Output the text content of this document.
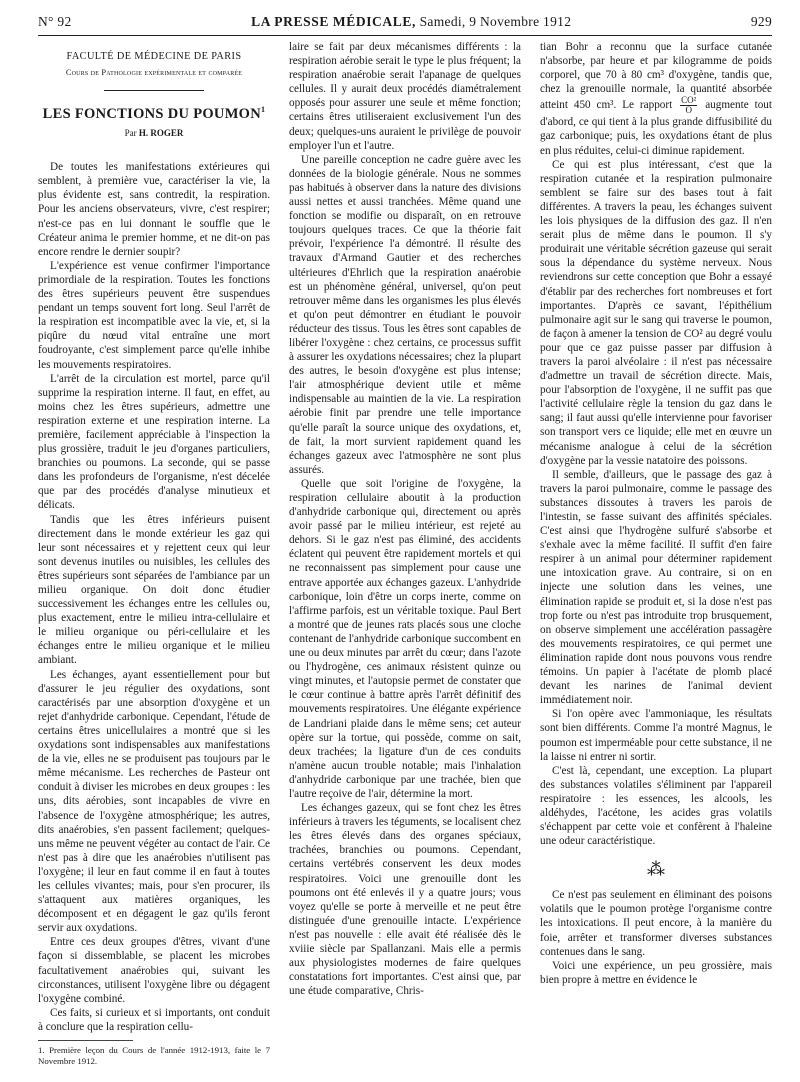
N° 92	LA PRESSE MÉDICALE, Samedi, 9 Novembre 1912	929
FACULTÉ DE MÉDECINE DE PARIS
Cours de Pathologie expérimentale et comparée
LES FONCTIONS DU POUMON$^1$
Par H. ROGER

De toutes les manifestations extérieures qui semblent, à première vue, caractériser la vie, la plus évidente est, sans contredit, la respiration. Pour les anciens observateurs, vivre, c'est respirer; n'est-ce pas en lui donnant le souffle que le Créateur anima le premier homme, et ne dit-on pas encore rendre le dernier soupir?

L'expérience est venue confirmer l'importance primordiale de la respiration. Toutes les fonctions des êtres supérieurs peuvent être suspendues pendant un temps souvent fort long. Seul l'arrêt de la respiration est incompatible avec la vie, et, si la piqûre du nœud vital entraîne une mort foudroyante, c'est simplement parce qu'elle inhibe les mouvements respiratoires.

L'arrêt de la circulation est mortel, parce qu'il supprime la respiration interne. Il faut, en effet, au moins chez les êtres supérieurs, admettre une respiration externe et une respiration interne. La première, facilement appréciable à l'inspection la plus grossière, traduit le jeu d'organes particuliers, branchies ou poumons. La seconde, qui se passe dans les profondeurs de l'organisme, n'est décelée que par des procédés d'analyse minutieux et délicats.

Tandis que les êtres inférieurs puisent directement dans le monde extérieur les gaz qui leur sont nécessaires et y rejettent ceux qui leur sont devenus inutiles ou nuisibles, les cellules des êtres supérieurs sont séparées de l'ambiance par un milieu organique. On doit donc étudier successivement les échanges entre les cellules ou, plus exactement, entre le milieu intra-cellulaire et le milieu organique ou péri-cellulaire et les échanges entre le milieu organique et le milieu ambiant.

Les échanges, ayant essentiellement pour but d'assurer le jeu régulier des oxydations, sont caractérisés par une absorption d'oxygène et un rejet d'anhydride carbonique. Cependant, l'étude de certains êtres unicellulaires a montré que si les oxydations sont indispensables aux manifestations de la vie, elles ne se produisent pas toujours par le même mécanisme. Les recherches de Pasteur ont conduit à diviser les microbes en deux groupes : les uns, dits aérobies, sont incapables de vivre en l'absence de l'oxygène atmosphérique; les autres, dits anaérobies, s'en passent facilement; quelques-uns même ne peuvent végéter au contact de l'air. Ce n'est pas à dire que les anaérobies n'utilisent pas l'oxygène; il leur en faut comme il en faut à toutes les cellules vivantes; mais, pour s'en procurer, ils s'attaquent aux matières organiques, les décomposent et en dégagent le gaz qu'ils feront servir aux oxydations.

Entre ces deux groupes d'êtres, vivant d'une façon si dissemblable, se placent les microbes facultativement anaérobies qui, suivant les circonstances, utilisent l'oxygène libre ou dégagent l'oxygène combiné.

Ces faits, si curieux et si importants, ont conduit à conclure que la respiration cellu-

1. Première leçon du Cours de l'année 1912-1913, faite le 7 Novembre 1912.

laire se fait par deux mécanismes différents : la respiration aérobie serait le type le plus fréquent; la respiration anaérobie serait l'apanage de quelques cellules. Il y aurait deux procédés diamétralement opposés pour assurer une seule et même fonction; certains êtres utiliseraient exclusivement l'un des deux; quelques-uns auraient le privilège de pouvoir employer l'un et l'autre.

Une pareille conception ne cadre guère avec les données de la biologie générale. Nous ne sommes pas habitués à observer dans la nature des divisions aussi nettes et aussi tranchées. Même quand une fonction se modifie ou disparaît, on en retrouve toujours quelques traces. Ce que la théorie fait prévoir, l'expérience l'a démontré. Il résulte des travaux d'Armand Gautier et des recherches ultérieures d'Ehrlich que la respiration anaérobie est un phénomène général, universel, qu'on peut retrouver même dans les organismes les plus élevés et qu'on peut démontrer en étudiant le pouvoir réducteur des tissus. Tous les êtres sont capables de libérer l'oxygène : chez certains, ce processus suffit à assurer les oxydations nécessaires; chez la plupart des autres, le besoin d'oxygène est plus intense; l'air atmosphérique devient utile et même indispensable au maintien de la vie. La respiration aérobie finit par prendre une telle importance qu'elle paraît la source unique des oxydations, et, de fait, la mort survient rapidement quand les échanges gazeux avec l'atmosphère ne sont plus assurés.

Quelle que soit l'origine de l'oxygène, la respiration cellulaire aboutit à la production d'anhydride carbonique qui, directement ou après avoir passé par le milieu intérieur, est rejeté au dehors. Si le gaz n'est pas éliminé, des accidents éclatent qui peuvent être rapidement mortels et qui ne reconnaissent pas simplement pour cause une entrave apportée aux échanges gazeux. L'anhydride carbonique, loin d'être un corps inerte, comme on l'affirme parfois, est un véritable toxique. Paul Bert a montré que de jeunes rats placés sous une cloche contenant de l'anhydride carbonique succombent en une ou deux minutes par arrêt du cœur; dans l'azote ou l'hydrogène, ces animaux résistent quinze ou vingt minutes, et l'autopsie permet de constater que le cœur continue à battre après l'arrêt définitif des mouvements respiratoires. Une élégante expérience de Landriani plaide dans le même sens; cet auteur opère sur la tortue, qui possède, comme on sait, deux trachées; la ligature d'un de ces conduits n'amène aucun trouble notable; mais l'inhalation d'anhydride carbonique par une trachée, bien que l'autre reçoive de l'air, détermine la mort.

Les échanges gazeux, qui se font chez les êtres inférieurs à travers les téguments, se localisent chez les êtres élevés dans des organes spéciaux, trachées, branchies ou poumons. Cependant, certains vertébrés conservent les deux modes respiratoires. Voici une grenouille dont les poumons ont été enlevés il y a quatre jours; vous voyez qu'elle se porte à merveille et ne peut être distinguée d'une grenouille intacte. L'expérience n'est pas nouvelle : elle avait été réalisée dès le xviiie siècle par Spallanzani. Mais elle a permis aux physiologistes modernes de faire quelques constatations fort importantes. C'est ainsi que, par une étude comparative, Chris-

tian Bohr a reconnu que la surface cutanée n'absorbe, par heure et par kilogramme de poids corporel, que 70 à 80 cm³ d'oxygène, tandis que, chez la grenouille normale, la quantité absorbée atteint 450 cm³. Le rapport $\frac{\text{CO²}}{O}$ augmente tout d'abord, ce qui tient à la plus grande diffusibilité du gaz carbonique; puis, les oxydations étant de plus en plus réduites, celui-ci diminue rapidement.

Ce qui est plus intéressant, c'est que la respiration cutanée et la respiration pulmonaire semblent se faire sur des bases tout à fait différentes. A travers la peau, les échanges suivent les lois physiques de la diffusion des gaz. Il n'en serait plus de même dans le poumon. Il s'y produirait une véritable sécrétion gazeuse qui serait sous la dépendance du système nerveux. Nous reviendrons sur cette conception que Bohr a essayé d'établir par des recherches fort nombreuses et fort importantes. D'après ce savant, l'épithélium pulmonaire agit sur le sang qui traverse le poumon, de façon à amener la tension de CO² au degré voulu pour que ce gaz puisse passer par diffusion à travers la paroi alvéolaire : il n'est pas nécessaire d'admettre un travail de sécrétion directe. Mais, pour l'absorption de l'oxygène, il ne suffit pas que l'activité cellulaire règle la tension du gaz dans le sang; il faut aussi qu'elle intervienne pour favoriser son transport vers ce liquide; elle met en œuvre un mécanisme analogue à celui de la sécrétion d'oxygène par la vessie natatoire des poissons.

Il semble, d'ailleurs, que le passage des gaz à travers la paroi pulmonaire, comme le passage des substances dissoutes à travers les parois de l'intestin, se fasse suivant des affinités spéciales. C'est ainsi que l'hydrogène sulfuré s'absorbe et s'exhale avec la même facilité. Il suffit d'en faire respirer à un animal pour déterminer rapidement une intoxication grave. Au contraire, si on en injecte une solution dans les veines, une élimination rapide se produit et, si la dose n'est pas trop forte ou n'est pas introduite trop brusquement, on observe simplement une accélération passagère des mouvements respiratoires, ce qui permet une élimination rapide dont nous pouvons vous rendre témoins. Un papier à l'acétate de plomb placé devant les narines de l'animal devient immédiatement noir.

Si l'on opère avec l'ammoniaque, les résultats sont bien différents. Comme l'a montré Magnus, le poumon est imperméable pour cette substance, il ne la laisse ni entrer ni sortir.

C'est là, cependant, une exception. La plupart des substances volatiles s'éliminent par l'appareil respiratoire : les essences, les alcools, les aldéhydes, l'acétone, les acides gras volatils s'échappent par cette voie et confèrent à l'haleine une odeur caractéristique.

⁂

Ce n'est pas seulement en éliminant des poisons volatils que le poumon protège l'organisme contre les intoxications. Il peut encore, à la manière du foie, arrêter et transformer diverses substances contenues dans le sang.

Voici une expérience, un peu grossière, mais bien propre à mettre en évidence le
